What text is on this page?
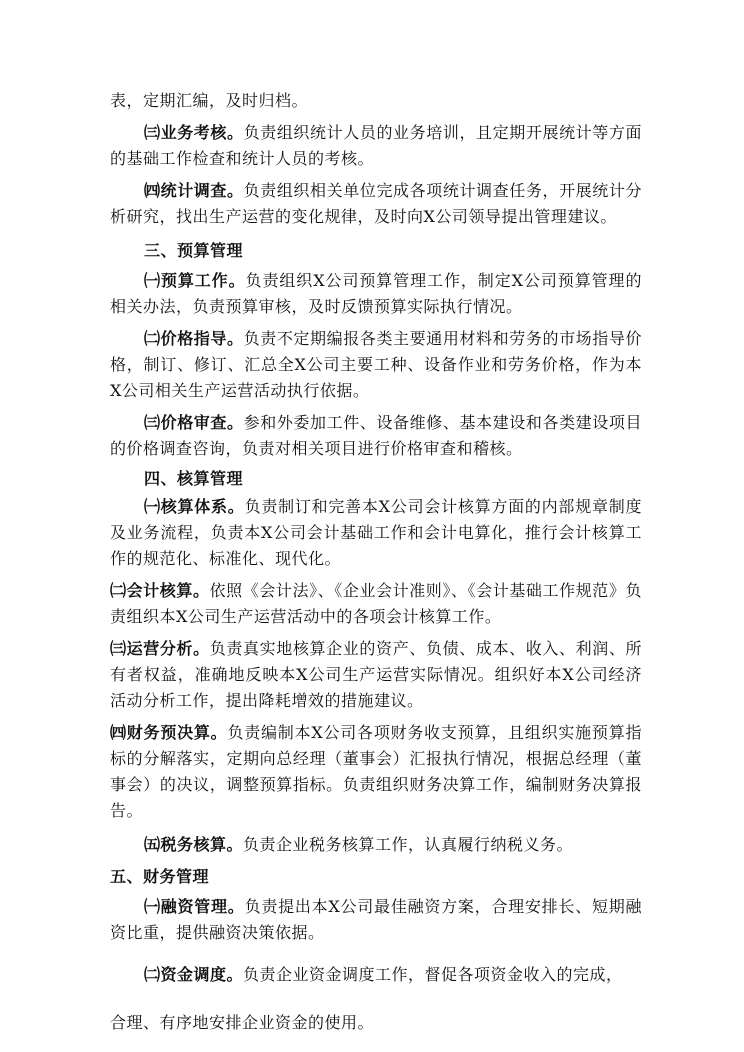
表，定期汇编，及时归档。

㈢业务考核。负责组织统计人员的业务培训，且定期开展统计等方面的基础工作检查和统计人员的考核。

㈣统计调查。负责组织相关单位完成各项统计调查任务，开展统计分析研究，找出生产运营的变化规律，及时向X公司领导提出管理建议。

三、预算管理

㈠预算工作。负责组织X公司预算管理工作，制定X公司预算管理的相关办法，负责预算审核，及时反馈预算实际执行情况。

㈡价格指导。负责不定期编报各类主要通用材料和劳务的市场指导价格，制订、修订、汇总全X公司主要工种、设备作业和劳务价格，作为本X公司相关生产运营活动执行依据。

㈢价格审查。参和外委加工件、设备维修、基本建设和各类建设项目的价格调查咨询，负责对相关项目进行价格审查和稽核。

四、核算管理

㈠核算体系。负责制订和完善本X公司会计核算方面的内部规章制度及业务流程，负责本X公司会计基础工作和会计电算化，推行会计核算工作的规范化、标准化、现代化。

㈡会计核算。依照《会计法》、《企业会计准则》、《会计基础工作规范》负责组织本X公司生产运营活动中的各项会计核算工作。

㈢运营分析。负责真实地核算企业的资产、负债、成本、收入、利润、所有者权益，准确地反映本X公司生产运营实际情况。组织好本X公司经济活动分析工作，提出降耗增效的措施建议。

㈣财务预决算。负责编制本X公司各项财务收支预算，且组织实施预算指标的分解落实，定期向总经理（董事会）汇报执行情况，根据总经理（董事会）的决议，调整预算指标。负责组织财务决算工作，编制财务决算报告。

㈤税务核算。负责企业税务核算工作，认真履行纳税义务。

五、财务管理

㈠融资管理。负责提出本X公司最佳融资方案，合理安排长、短期融资比重，提供融资决策依据。

㈡资金调度。负责企业资金调度工作，督促各项资金收入的完成，

合理、有序地安排企业资金的使用。
